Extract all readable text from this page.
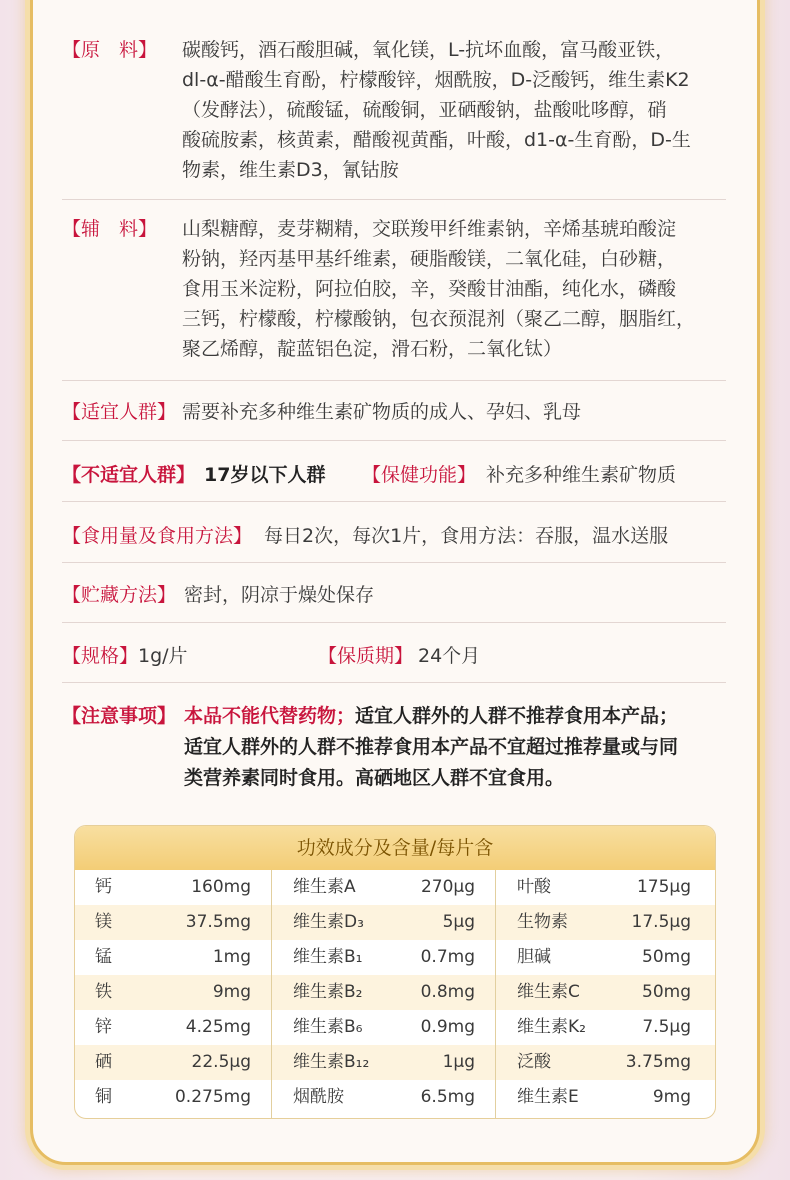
【原　料】 碳酸钙，酒石酸胆碱，氧化镁，L-抗坏血酸，富马酸亚铁，
dl-α-醋酸生育酚，柠檬酸锌，烟酰胺，D-泛酸钙，维生素K2
（发酵法），硫酸锰，硫酸铜，亚硒酸钠，盐酸吡哆醇，硝
酸硫胺素，核黄素，醋酸视黄酯，叶酸，d1-α-生育酚，D-生
物素，维生素D3，氰钴胺
【辅　料】 山梨糖醇，麦芽糊精，交联羧甲纤维素钠，辛烯基琥珀酸淀
粉钠，羟丙基甲基纤维素，硬脂酸镁，二氧化硅，白砂糖，
食用玉米淀粉，阿拉伯胶，辛，癸酸甘油酯，纯化水，磷酸
三钙，柠檬酸，柠檬酸钠，包衣预混剂（聚乙二醇，胭脂红，
聚乙烯醇，靛蓝铝色淀，滑石粉，二氧化钛）
【适宜人群】 需要补充多种维生素矿物质的成人、孕妇、乳母
【不适宜人群】 17岁以下人群 【保健功能】 补充多种维生素矿物质
【食用量及食用方法】 每日2次，每次1片，食用方法：吞服，温水送服
【贮藏方法】 密封，阴凉于燥处保存
【规格】 1g/片	【保质期】 24个月
【注意事项】 本品不能代替药物；适宜人群外的人群不推荐食用本产品；
适宜人群外的人群不推荐食用本产品不宜超过推荐量或与同
类营养素同时食用。高硒地区人群不宜食用。
功效成分及含量/每片含
铜	0.275mg 烟酰胺	6.5mg 维生素E	9mg
硒	22.5μg 维生素B₁₂	1μg 泛酸	3.75mg
锌	4.25mg 维生素B₆	0.9mg 维生素K₂	7.5μg
铁	9mg 维生素B₂	0.8mg 维生素C	50mg
锰	1mg 维生素B₁	0.7mg 胆碱	50mg
镁	37.5mg 维生素D₃	5μg 生物素	17.5μg
钙	160mg 维生素A	270μg 叶酸	175μg
